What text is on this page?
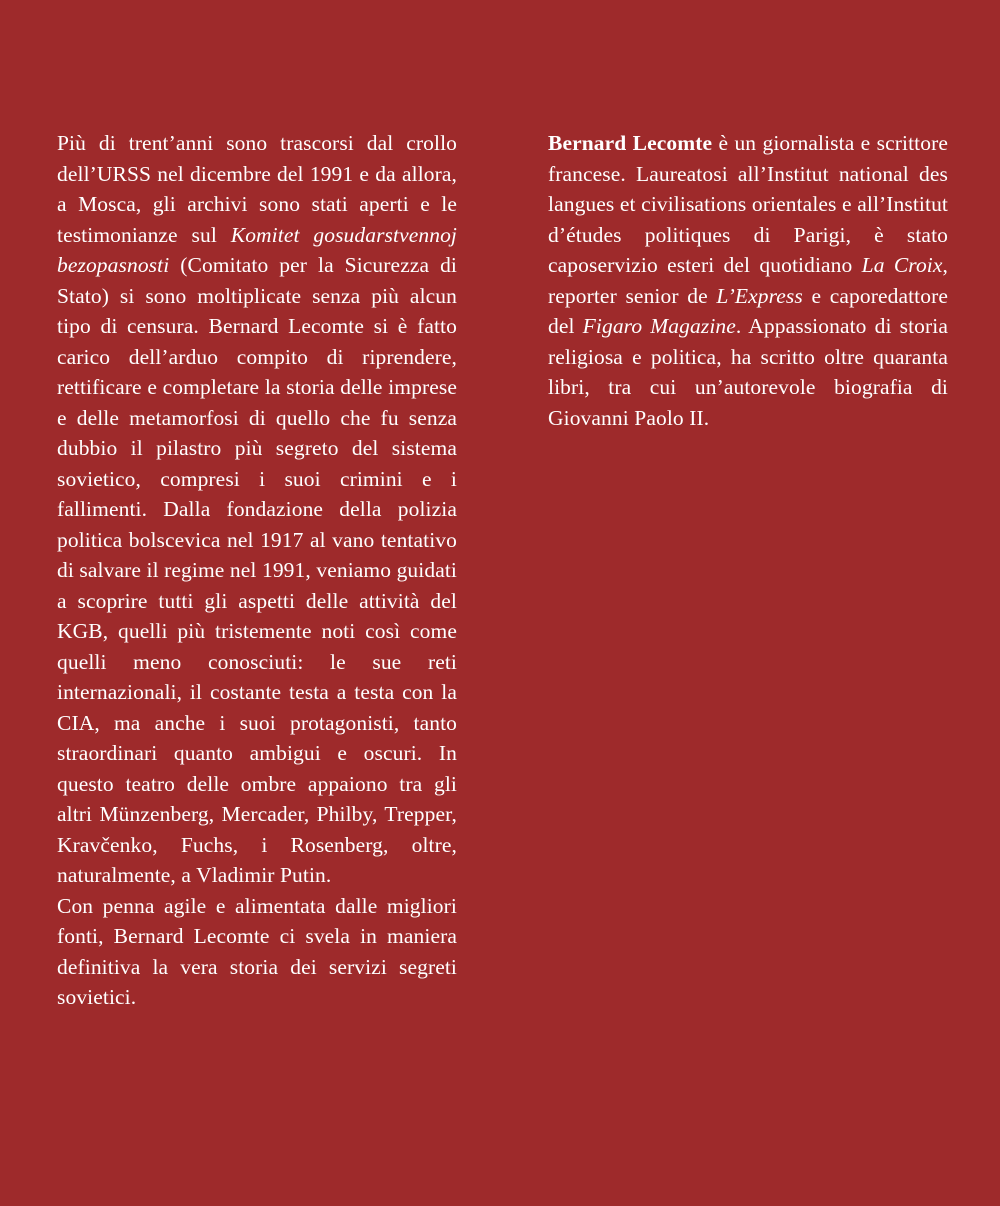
Più di trent’anni sono trascorsi dal crollo dell’URSS nel dicembre del 1991 e da allora, a Mosca, gli archivi sono stati aperti e le testimonianze sul Komitet gosudarstvennoj bezopasnosti (Comitato per la Sicurezza di Stato) si sono moltiplicate senza più alcun tipo di censura. Bernard Lecomte si è fatto carico dell’arduo compito di riprendere, rettificare e completare la storia delle imprese e delle metamorfosi di quello che fu senza dubbio il pilastro più segreto del sistema sovietico, compresi i suoi crimini e i fallimenti. Dalla fondazione della polizia politica bolscevica nel 1917 al vano tentativo di salvare il regime nel 1991, veniamo guidati a scoprire tutti gli aspetti delle attività del KGB, quelli più tristemente noti così come quelli meno conosciuti: le sue reti internazionali, il costante testa a testa con la CIA, ma anche i suoi protagonisti, tanto straordinari quanto ambigui e oscuri. In questo teatro delle ombre appaiono tra gli altri Münzenberg, Mercader, Philby, Trepper, Kravčenko, Fuchs, i Rosenberg, oltre, naturalmente, a Vladimir Putin.

Con penna agile e alimentata dalle migliori fonti, Bernard Lecomte ci svela in maniera definitiva la vera storia dei servizi segreti sovietici.

Bernard Lecomte è un giornalista e scrittore francese. Laureatosi all’Institut national des langues et civilisations orientales e all’Institut d’études politiques di Parigi, è stato caposervizio esteri del quotidiano La Croix, reporter senior de L’Express e caporedattore del Figaro Magazine. Appassionato di storia religiosa e politica, ha scritto oltre quaranta libri, tra cui un’autorevole biografia di Giovanni Paolo II.
